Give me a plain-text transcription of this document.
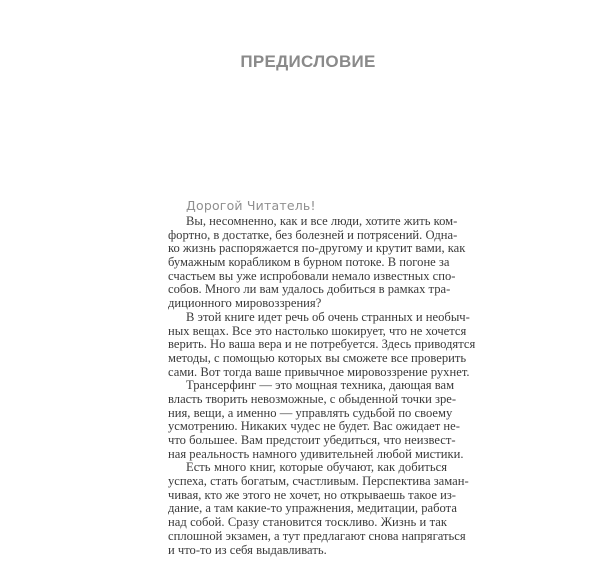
ПРЕДИСЛОВИЕ
Дорогой Читатель!
Вы, несомненно, как и все люди, хотите жить ком-
фортно, в достатке, без болезней и потрясений. Однa-
ко жизнь распоряжается по-другому и крутит вами, как
бумажным корабликом в бурном потоке. В погоне за
счастьем вы уже испробовали немало известных спо-
собов. Много ли вам удалось добиться в рамках тра-
диционного мировоззрения?
В этой книге идет речь об очень странных и необыч-
ных вещах. Все это настолько шокирует, что не хочется
верить. Но ваша вера и не потребуется. Здесь приводятся
методы, с помощью которых вы сможете все проверить
сами. Вот тогда ваше привычное мировоззрение рухнет.
Трансерфинг — это мощная техника, дающая вам
власть творить невозможные, с обыденной точки зре-
ния, вещи, а именно — управлять судьбой по своему
усмотрению. Никаких чудес не будет. Вас ожидает не-
что большее. Вам предстоит убедиться, что неизвест-
ная реальность намного удивительней любой мистики.
Есть много книг, которые обучают, как добиться
успеха, стать богатым, счастливым. Перспектива заман-
чивая, кто же этого не хочет, но открываешь такое из-
дание, а там какие-то упражнения, медитации, работа
над собой. Сразу становится тоскливо. Жизнь и так
сплошной экзамен, а тут предлагают снова напрягаться
и что-то из себя выдавливать.
